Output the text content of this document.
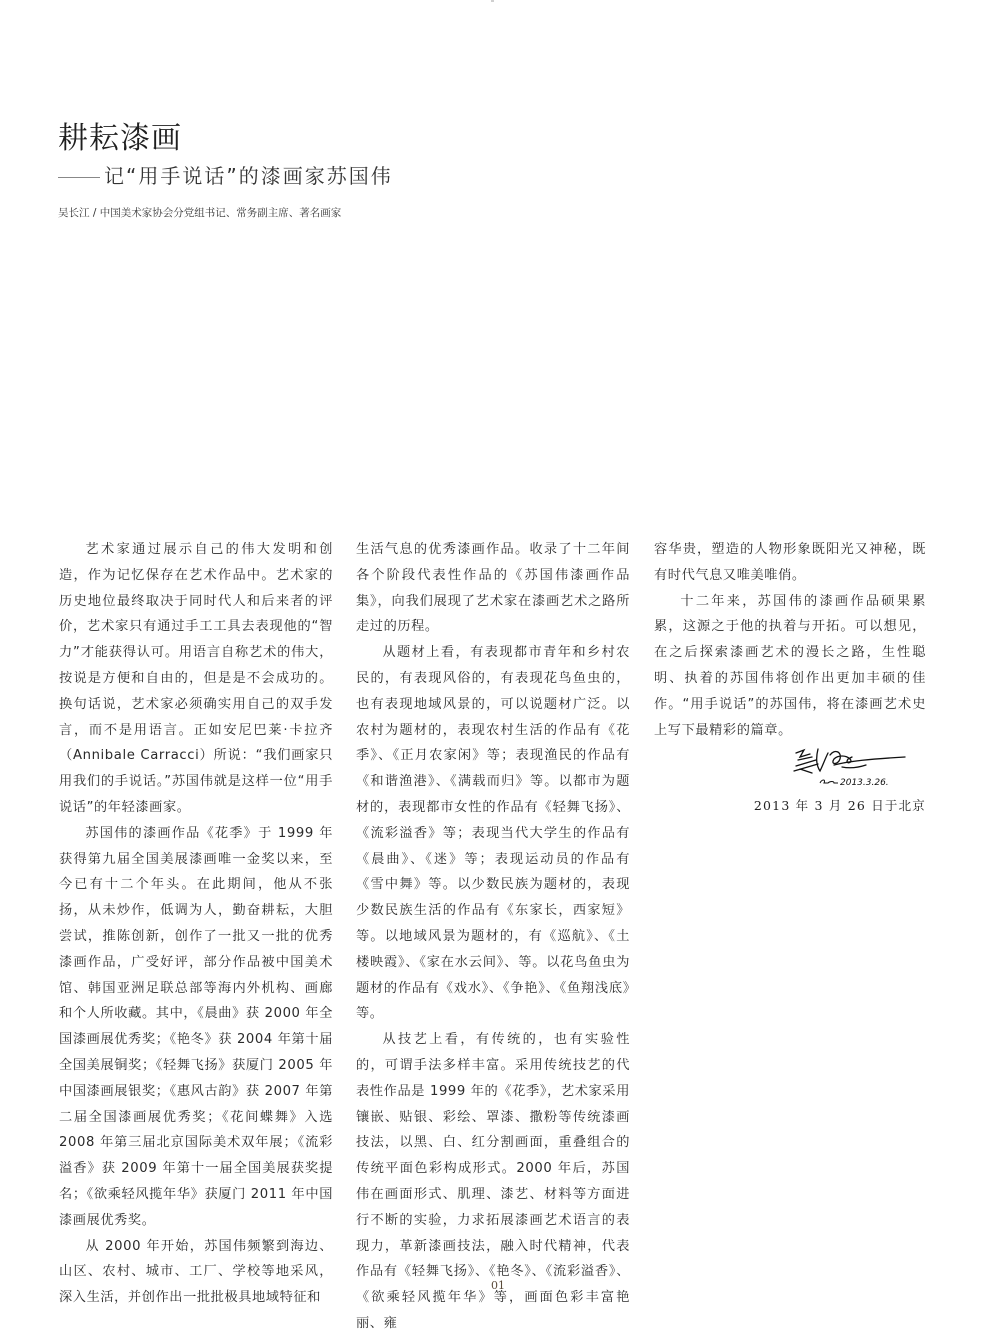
耕耘漆画
记“用手说话”的漆画家苏国伟
吴长江 / 中国美术家协会分党组书记、常务副主席、著名画家

艺术家通过展示自己的伟大发明和创造，作为记忆保存在艺术作品中。艺术家的历史地位最终取决于同时代人和后来者的评价，艺术家只有通过手工工具去表现他的“智力”才能获得认可。用语言自称艺术的伟大，按说是方便和自由的，但是是不会成功的。换句话说，艺术家必须确实用自己的双手发言，而不是用语言。正如安尼巴莱·卡拉齐（Annibale Carracci）所说：“我们画家只用我们的手说话。”苏国伟就是这样一位“用手说话”的年轻漆画家。

苏国伟的漆画作品《花季》于 1999 年获得第九届全国美展漆画唯一金奖以来，至今已有十二个年头。在此期间，他从不张扬，从未炒作，低调为人，勤奋耕耘，大胆尝试，推陈创新，创作了一批又一批的优秀漆画作品，广受好评，部分作品被中国美术馆、韩国亚洲足联总部等海内外机构、画廊和个人所收藏。其中，《晨曲》获 2000 年全国漆画展优秀奖；《艳冬》获 2004 年第十届全国美展铜奖；《轻舞飞扬》获厦门 2005 年中国漆画展银奖；《惠风古韵》获 2007 年第二届全国漆画展优秀奖；《花间蝶舞》入选 2008 年第三届北京国际美术双年展；《流彩溢香》获 2009 年第十一届全国美展获奖提名；《欲乘轻风揽年华》获厦门 2011 年中国漆画展优秀奖。

从 2000 年开始，苏国伟频繁到海边、山区、农村、城市、工厂、学校等地采风，深入生活，并创作出一批批极具地域特征和

生活气息的优秀漆画作品。收录了十二年间各个阶段代表性作品的《苏国伟漆画作品集》，向我们展现了艺术家在漆画艺术之路所走过的历程。

从题材上看，有表现都市青年和乡村农民的，有表现风俗的，有表现花鸟鱼虫的，也有表现地域风景的，可以说题材广泛。以农村为题材的，表现农村生活的作品有《花季》、《正月农家闲》等；表现渔民的作品有《和谐渔港》、《满载而归》等。以都市为题材的，表现都市女性的作品有《轻舞飞扬》、《流彩溢香》等；表现当代大学生的作品有《晨曲》、《迷》等；表现运动员的作品有《雪中舞》等。以少数民族为题材的，表现少数民族生活的作品有《东家长，西家短》等。以地域风景为题材的，有《巡航》、《土楼映霞》、《家在水云间》、等。以花鸟鱼虫为题材的作品有《戏水》、《争艳》、《鱼翔浅底》等。

从技艺上看，有传统的，也有实验性的，可谓手法多样丰富。采用传统技艺的代表性作品是 1999 年的《花季》，艺术家采用镶嵌、贴银、彩绘、罩漆、撒粉等传统漆画技法，以黑、白、红分割画面，重叠组合的传统平面色彩构成形式。2000 年后，苏国伟在画面形式、肌理、漆艺、材料等方面进行不断的实验，力求拓展漆画艺术语言的表现力，革新漆画技法，融入时代精神，代表作品有《轻舞飞扬》、《艳冬》、《流彩溢香》、《欲乘轻风揽年华》等，画面色彩丰富艳丽、雍

容华贵，塑造的人物形象既阳光又神秘，既有时代气息又唯美唯俏。

十二年来，苏国伟的漆画作品硕果累累，这源之于他的执着与开拓。可以想见，在之后探索漆画艺术的漫长之路，生性聪明、执着的苏国伟将创作出更加丰硕的佳作。“用手说话”的苏国伟，将在漆画艺术史上写下最精彩的篇章。

2013.3.26.
2013 年 3 月 26 日于北京
01
